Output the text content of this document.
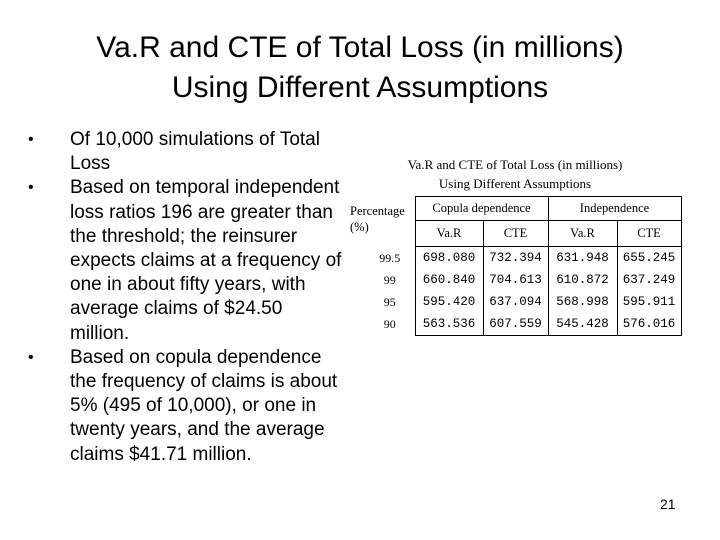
Va.R and CTE of Total Loss (in millions)
Using Different Assumptions
• Of 10,000 simulations of Total Loss
• Based on temporal independent loss ratios 196 are greater than the threshold; the reinsurer expects claims at a frequency of one in about fifty years, with average claims of $24.50 million.
• Based on copula dependence the frequency of claims is about 5% (495 of 10,000), or one in twenty years, and the average claims $41.71 million.
Va.R and CTE of Total Loss (in millions)
Using Different Assumptions
Percentage
(%)	Copula dependence		Independence	
	Va.R	CTE	Va.R	CTE
99.5	698.080	732.394	631.948	655.245
99	660.840	704.613	610.872	637.249
95	595.420	637.094	568.998	595.911
90	563.536	607.559	545.428	576.016
21
